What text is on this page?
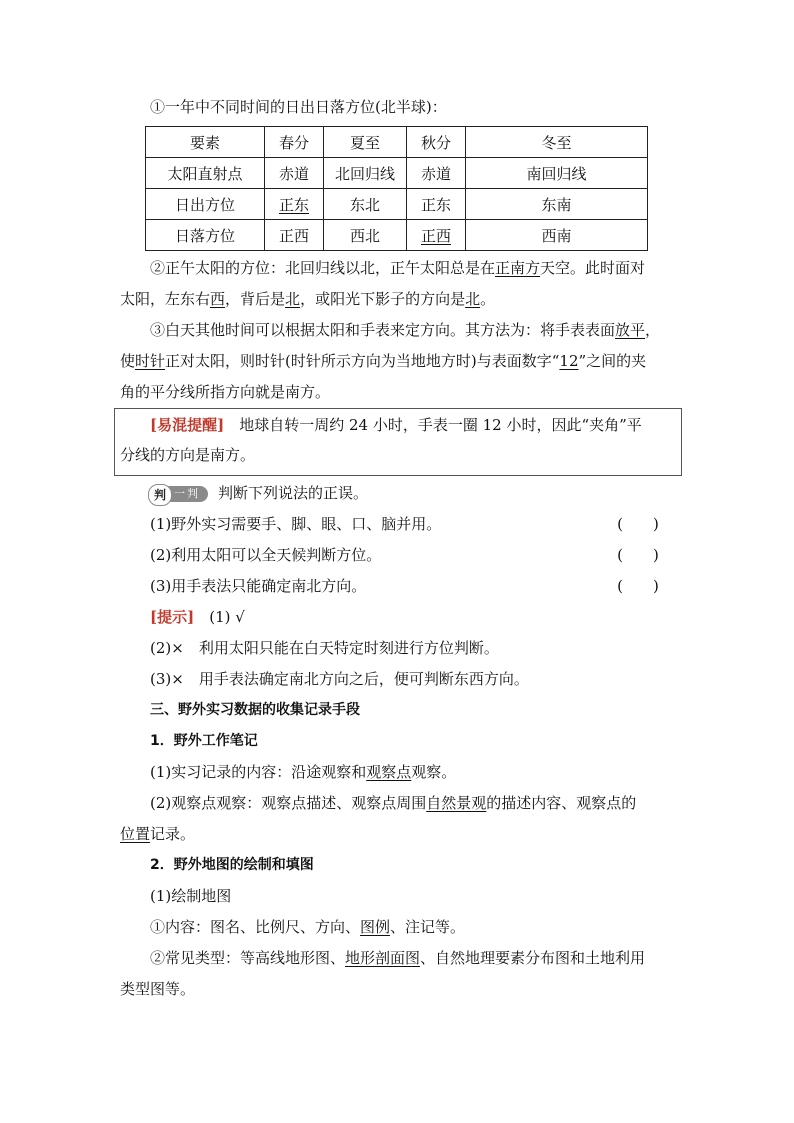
①一年中不同时间的日出日落方位(北半球)：
要素	春分	夏至	秋分	冬至
太阳直射点	赤道	北回归线	赤道	南回归线
日出方位	正东	东北	正东	东南
日落方位	正西	西北	正西	西南
②正午太阳的方位：北回归线以北，正午太阳总是在正南方天空。此时面对
太阳，左东右西，背后是北，或阳光下影子的方向是北。
③白天其他时间可以根据太阳和手表来定方向。其方法为：将手表表面放平，
使时针正对太阳，则时针(时针所示方向为当地地方时)与表面数字“12”之间的夹
角的平分线所指方向就是南方。
[易混提醒]　 地球自转一周约 24 小时，手表一圈 12 小时，因此“夹角”平
分线的方向是南方。
判 一判 判断下列说法的正误。
(1)野外实习需要手、脚、眼、口、脑并用。	(　　)
(2)利用太阳可以全天候判断方位。	(　　)
(3)用手表法只能确定南北方向。	(　　)
[提示]　 (1) √
(2)×　利用太阳只能在白天特定时刻进行方位判断。
(3)×　用手表法确定南北方向之后，便可判断东西方向。
三、野外实习数据的收集记录手段
1．野外工作笔记
(1)实习记录的内容：沿途观察和观察点观察。
(2)观察点观察：观察点描述、观察点周围自然景观的描述内容、观察点的
位置记录。
2．野外地图的绘制和填图
(1)绘制地图
①内容：图名、比例尺、方向、图例、注记等。
②常见类型：等高线地形图、地形剖面图、自然地理要素分布图和土地利用
类型图等。
